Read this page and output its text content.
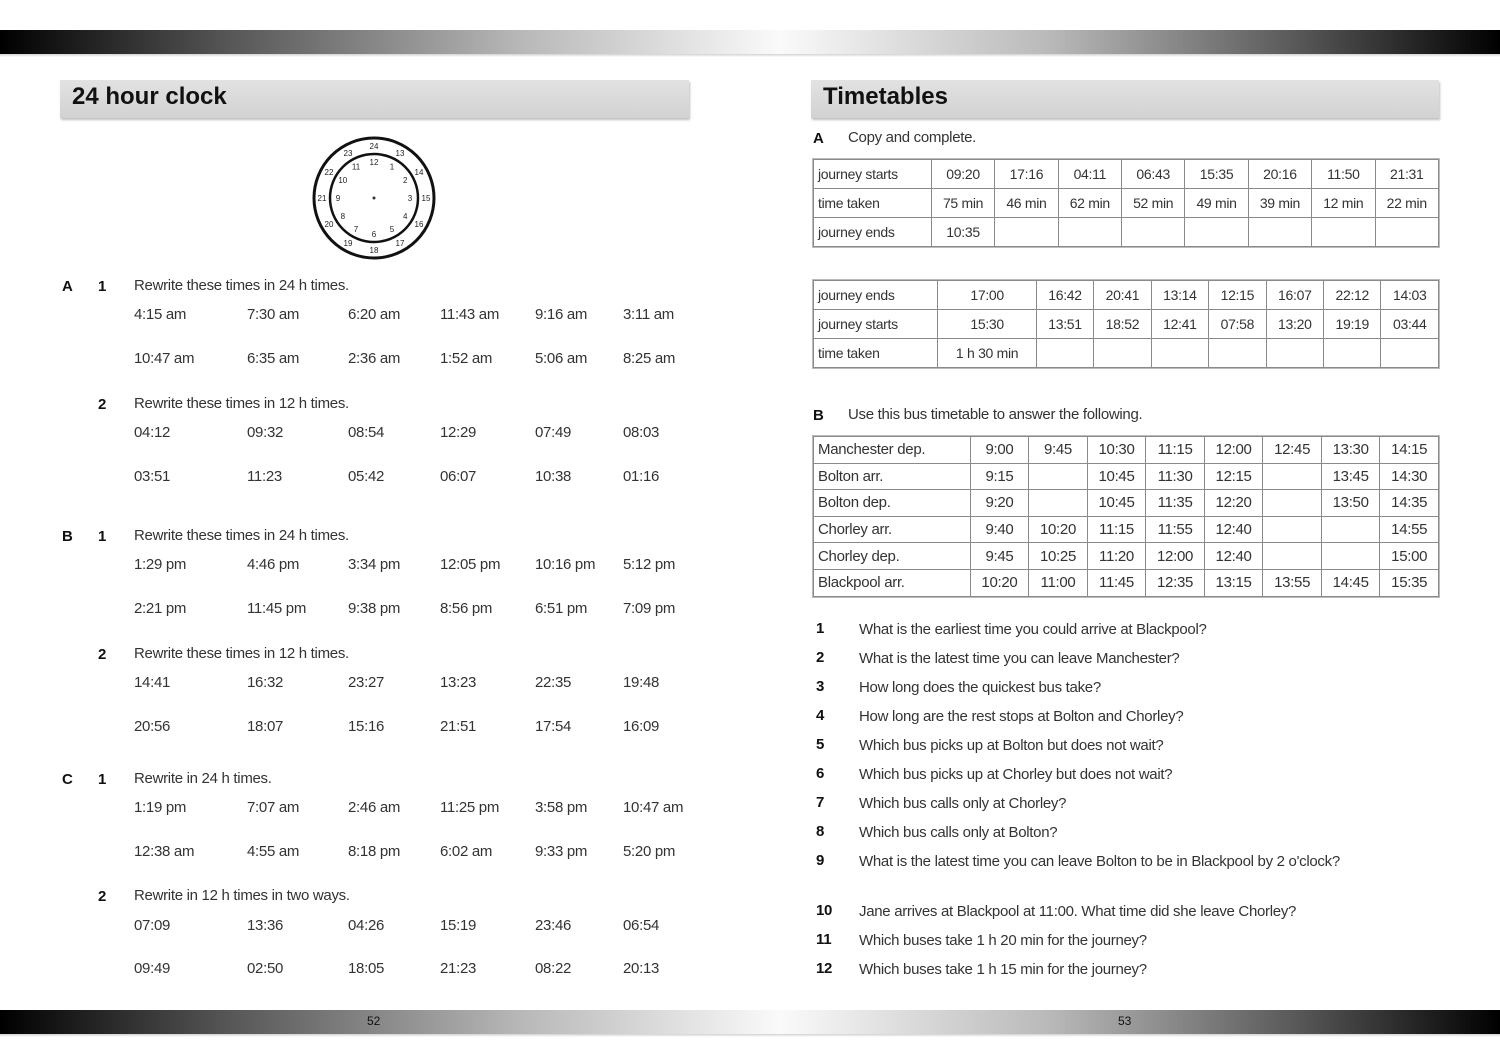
52	53
24 hour clock
24
13
14
15
16
17
18
19
20
21
22
23
12
1
2
3
4
5
6
7
8
9
10
11
A 1 Rewrite these times in 24 h times.
4:15 am	7:30 am	6:20 am	11:43 am 9:16 am 3:11 am
10:47 am	6:35 am	2:36 am	1:52 am	5:06 am 8:25 am
2 Rewrite these times in 12 h times.
04:12	09:32	08:54	12:29	07:49	08:03
03:51	11:23	05:42	06:07	10:38	01:16
B 1 Rewrite these times in 24 h times.
1:29 pm	4:46 pm	3:34 pm	12:05 pm 10:16 pm 5:12 pm
2:21 pm	11:45 pm	9:38 pm	8:56 pm	6:51 pm 7:09 pm
2 Rewrite these times in 12 h times.
14:41	16:32	23:27	13:23	22:35	19:48
20:56	18:07	15:16	21:51	17:54	16:09
C 1 Rewrite in 24 h times.
1:19 pm	7:07 am	2:46 am	11:25 pm 3:58 pm 10:47 am
12:38 am	4:55 am	8:18 pm	6:02 am	9:33 pm 5:20 pm
2 Rewrite in 12 h times in two ways.
07:09	13:36	04:26	15:19	23:46	06:54
09:49	02:50	18:05	21:23	08:22	20:13
Timetables
A Copy and complete.
journey starts	09:20	17:16	04:11	06:43	15:35	20:16	11:50	21:31
time taken	75 min	46 min	62 min	52 min	49 min	39 min	12 min	22 min
journey ends	10:35							
journey ends	17:00	16:42	20:41	13:14	12:15	16:07	22:12	14:03
journey starts	15:30	13:51	18:52	12:41	07:58	13:20	19:19	03:44
time taken	1 h 30 min							
B Use this bus timetable to answer the following.
Manchester dep.	9:00	9:45	10:30	11:15	12:00	12:45	13:30	14:15
Bolton arr.	9:15		10:45	11:30	12:15		13:45	14:30
Bolton dep.	9:20		10:45	11:35	12:20		13:50	14:35
Chorley arr.	9:40	10:20	11:15	11:55	12:40			14:55
Chorley dep.	9:45	10:25	11:20	12:00	12:40			15:00
Blackpool arr.	10:20	11:00	11:45	12:35	13:15	13:55	14:45	15:35
1 What is the earliest time you could arrive at Blackpool?
2 What is the latest time you can leave Manchester?
3 How long does the quickest bus take?
4 How long are the rest stops at Bolton and Chorley?
5 Which bus picks up at Bolton but does not wait?
6 Which bus picks up at Chorley but does not wait?
7 Which bus calls only at Chorley?
8 Which bus calls only at Bolton?
9 What is the latest time you can leave Bolton to be in Blackpool by 2 o'clock?
10 Jane arrives at Blackpool at 11:00. What time did she leave Chorley?
11 Which buses take 1 h 20 min for the journey?
12 Which buses take 1 h 15 min for the journey?
